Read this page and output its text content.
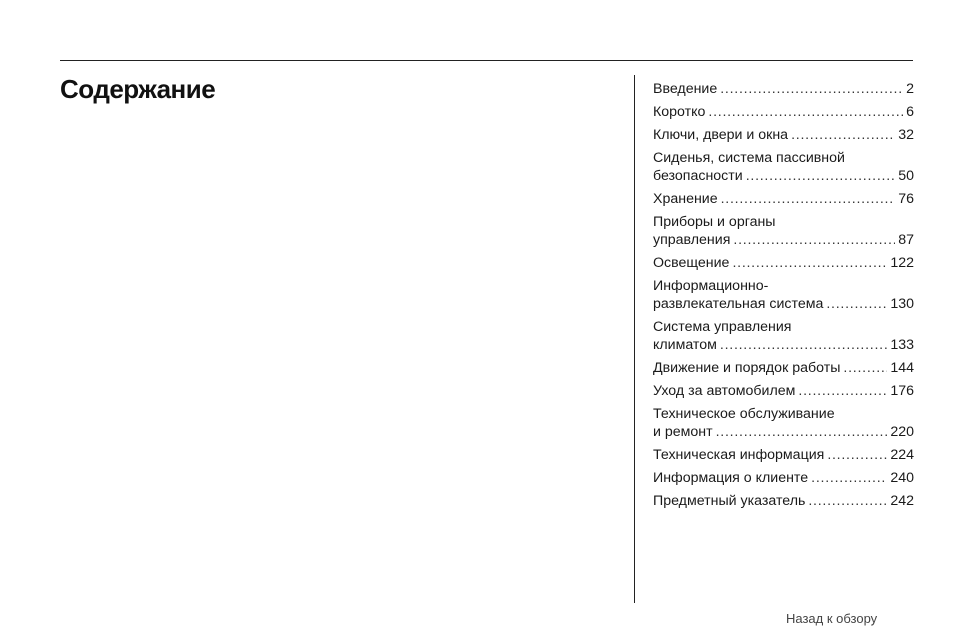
Содержание	Введение . . .	2
Коротко . . .	6
Ключи, двери и окна . . .	32
Сиденья, система пассивной
безопасности . . .	50
Хранение . . .	76
Приборы и органы
управления . . .	87
Освещение . . .	122
Информационно-
развлекательная система . . .	130
Система управления
климатом . . .	133
Движение и порядок работы . . .	144
Уход за автомобилем . . .	176
Техническое обслуживание
и ремонт . . .	220
Техническая информация . . .	224
Информация о клиенте . . .	240
Предметный указатель . . .	242
Назад к обзору
